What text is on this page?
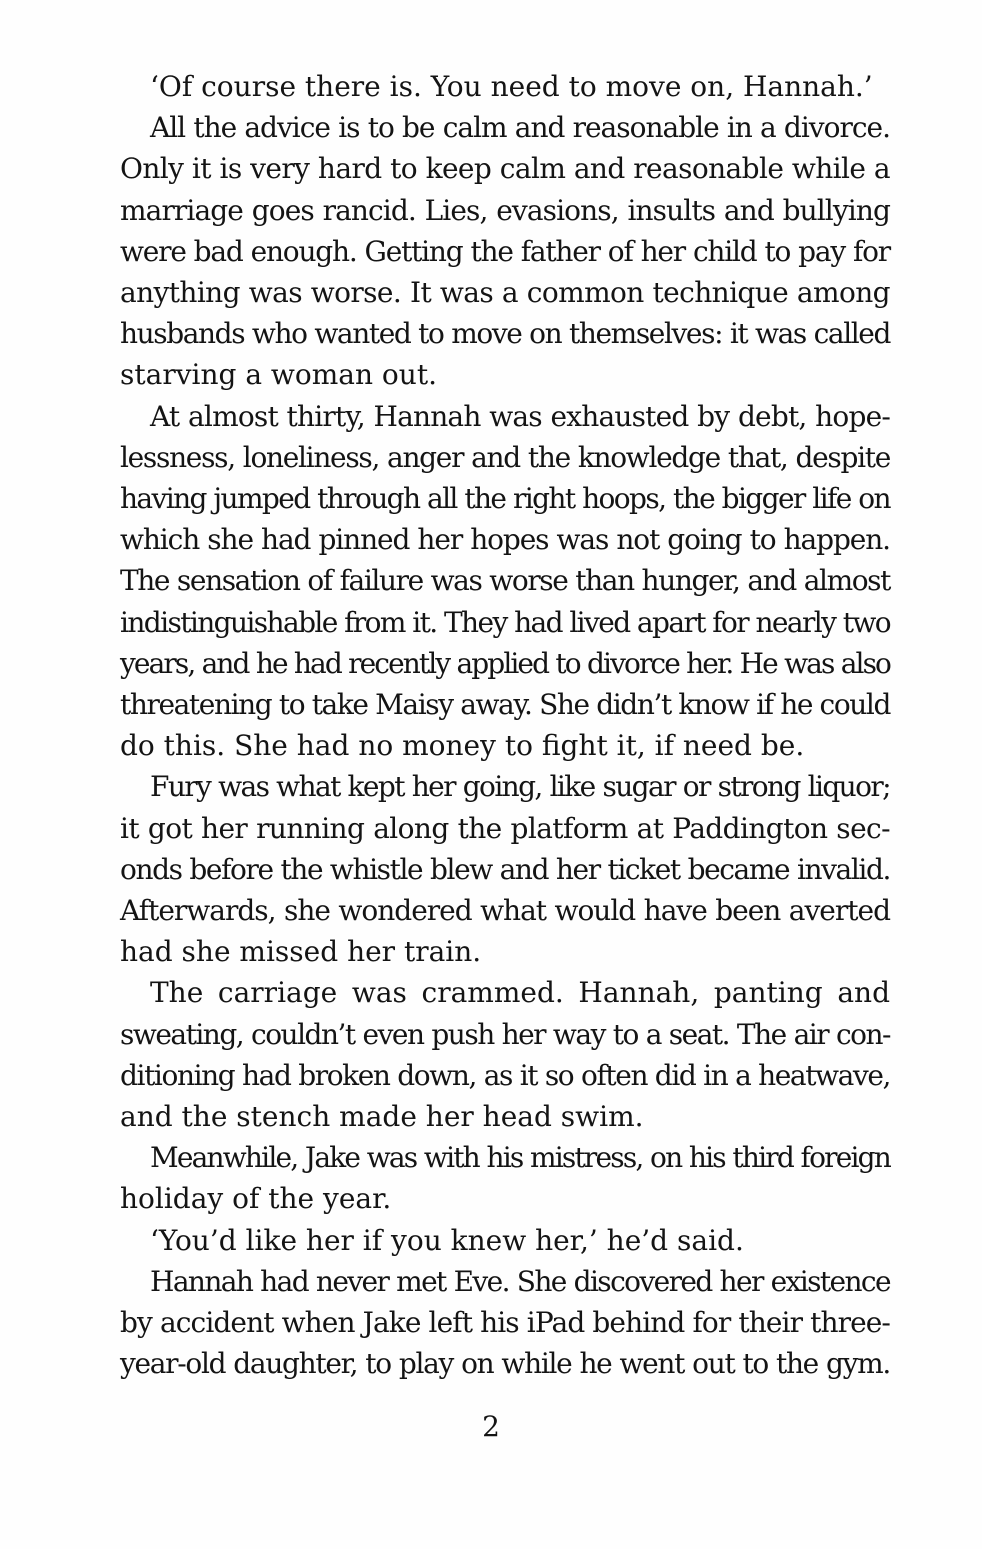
‘Of course there is. You need to move on, Hannah.’
All the advice is to be calm and reasonable in a divorce.
Only it is very hard to keep calm and reasonable while a
marriage goes rancid. Lies, evasions, insults and bullying
were bad enough. Getting the father of her child to pay for
anything was worse. It was a common technique among
husbands who wanted to move on themselves: it was called
starving a woman out.
At almost thirty, Hannah was exhausted by debt, hope-
lessness, loneliness, anger and the knowledge that, despite
having jumped through all the right hoops, the bigger life on
which she had pinned her hopes was not going to happen.
The sensation of failure was worse than hunger, and almost
indistinguishable from it. They had lived apart for nearly two
years, and he had recently applied to divorce her. He was also
threatening to take Maisy away. She didn’t know if he could
do this. She had no money to fight it, if need be.
Fury was what kept her going, like sugar or strong liquor;
it got her running along the platform at Paddington sec-
onds before the whistle blew and her ticket became invalid.
Afterwards, she wondered what would have been averted
had she missed her train.
The carriage was crammed. Hannah, panting and
sweating, couldn’t even push her way to a seat. The air con-
ditioning had broken down, as it so often did in a heatwave,
and the stench made her head swim.
Meanwhile, Jake was with his mistress, on his third foreign
holiday of the year.
‘You’d like her if you knew her,’ he’d said.
Hannah had never met Eve. She discovered her existence
by accident when Jake left his iPad behind for their three-
year-old daughter, to play on while he went out to the gym.
2
